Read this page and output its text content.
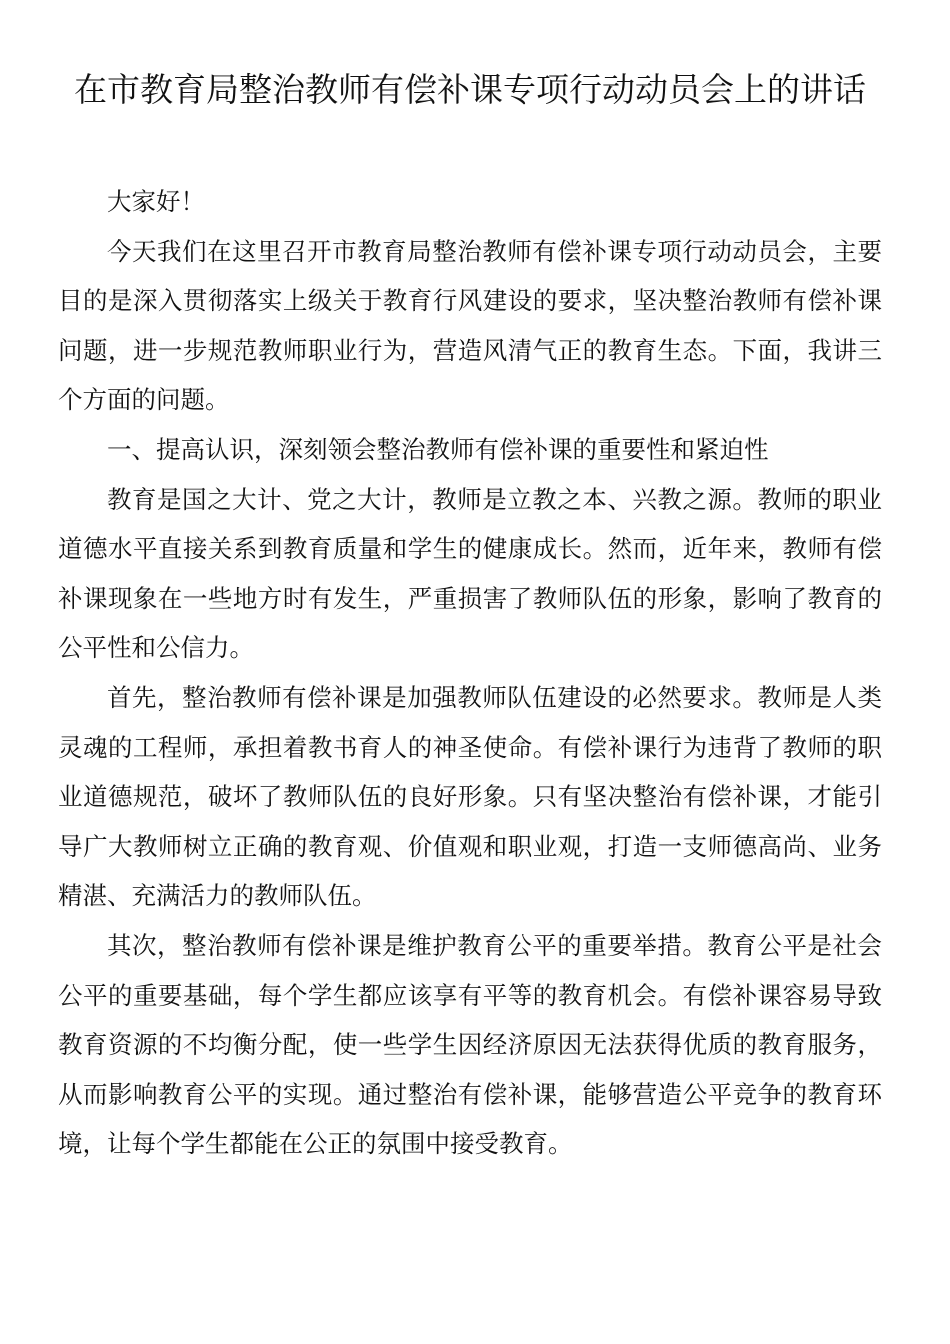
在市教育局整治教师有偿补课专项行动动员会上的讲话

大家好！

今天我们在这里召开市教育局整治教师有偿补课专项行动动员会，主要目的是深入贯彻落实上级关于教育行风建设的要求，坚决整治教师有偿补课问题，进一步规范教师职业行为，营造风清气正的教育生态。下面，我讲三个方面的问题。

一、提高认识，深刻领会整治教师有偿补课的重要性和紧迫性

教育是国之大计、党之大计，教师是立教之本、兴教之源。教师的职业道德水平直接关系到教育质量和学生的健康成长。然而，近年来，教师有偿补课现象在一些地方时有发生，严重损害了教师队伍的形象，影响了教育的公平性和公信力。

首先，整治教师有偿补课是加强教师队伍建设的必然要求。教师是人类灵魂的工程师，承担着教书育人的神圣使命。有偿补课行为违背了教师的职业道德规范，破坏了教师队伍的良好形象。只有坚决整治有偿补课，才能引导广大教师树立正确的教育观、价值观和职业观，打造一支师德高尚、业务精湛、充满活力的教师队伍。

其次，整治教师有偿补课是维护教育公平的重要举措。教育公平是社会公平的重要基础，每个学生都应该享有平等的教育机会。有偿补课容易导致教育资源的不均衡分配，使一些学生因经济原因无法获得优质的教育服务，从而影响教育公平的实现。通过整治有偿补课，能够营造公平竞争的教育环境，让每个学生都能在公正的氛围中接受教育。
